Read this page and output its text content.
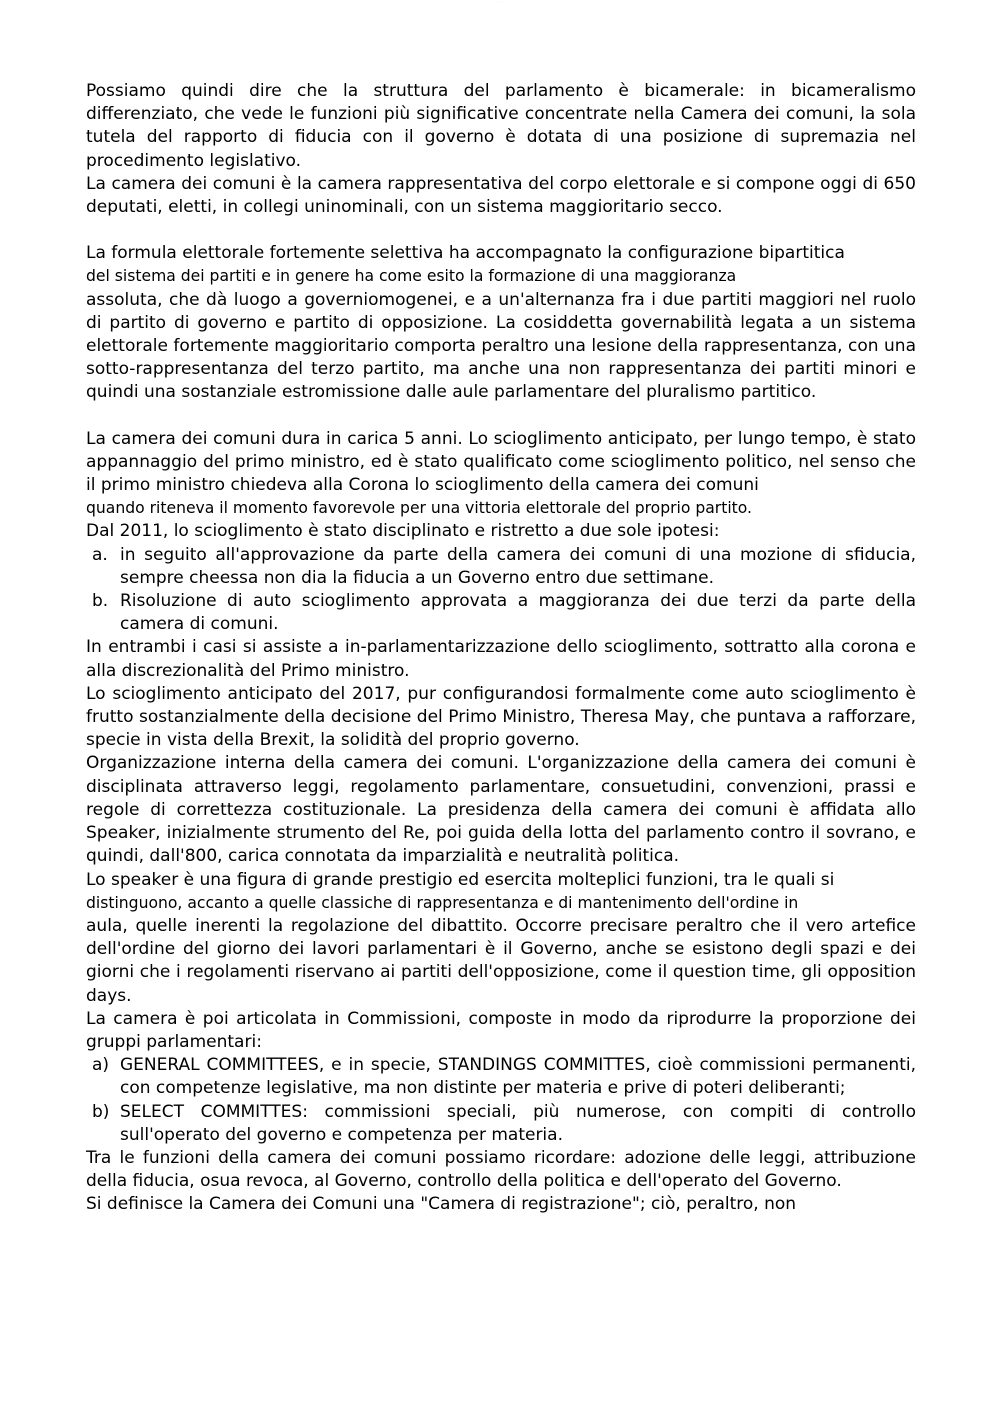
· · · · · ·

Possiamo quindi dire che la struttura del parlamento è bicamerale: in bicameralismo differenziato, che vede le funzioni più significative concentrate nella Camera dei comuni, la sola tutela del rapporto di fiducia con il governo è dotata di una posizione di supremazia nel procedimento legislativo.

La camera dei comuni è la camera rappresentativa del corpo elettorale e si compone oggi di 650 deputati, eletti, in collegi uninominali, con un sistema maggioritario secco.

La formula elettorale fortemente selettiva ha accompagnato la configurazione bipartitica

del sistema dei partiti e in genere ha come esito la formazione di una maggioranza

assoluta, che dà luogo a governiomogenei, e a un'alternanza fra i due partiti maggiori nel ruolo di partito di governo e partito di opposizione. La cosiddetta governabilità legata a un sistema elettorale fortemente maggioritario comporta peraltro una lesione della rappresentanza, con una sotto-rappresentanza del terzo partito, ma anche una non rappresentanza dei partiti minori e quindi una sostanziale estromissione dalle aule parlamentare del pluralismo partitico.

La camera dei comuni dura in carica 5 anni. Lo scioglimento anticipato, per lungo tempo, è stato appannaggio del primo ministro, ed è stato qualificato come scioglimento politico, nel senso che il primo ministro chiedeva alla Corona lo scioglimento della camera dei comuni

quando riteneva il momento favorevole per una vittoria elettorale del proprio partito.

Dal 2011, lo scioglimento è stato disciplinato e ristretto a due sole ipotesi:

a. in seguito all'approvazione da parte della camera dei comuni di una mozione di sfiducia, sempre cheessa non dia la fiducia a un Governo entro due settimane.
b. Risoluzione di auto scioglimento approvata a maggioranza dei due terzi da parte della camera di comuni.

In entrambi i casi si assiste a in-parlamentarizzazione dello scioglimento, sottratto alla corona e alla discrezionalità del Primo ministro.

Lo scioglimento anticipato del 2017, pur configurandosi formalmente come auto scioglimento è frutto sostanzialmente della decisione del Primo Ministro, Theresa May, che puntava a rafforzare, specie in vista della Brexit, la solidità del proprio governo.

Organizzazione interna della camera dei comuni. L'organizzazione della camera dei comuni è disciplinata attraverso leggi, regolamento parlamentare, consuetudini, convenzioni, prassi e regole di correttezza costituzionale. La presidenza della camera dei comuni è affidata allo Speaker, inizialmente strumento del Re, poi guida della lotta del parlamento contro il sovrano, e quindi, dall'800, carica connotata da imparzialità e neutralità politica.

Lo speaker è una figura di grande prestigio ed esercita molteplici funzioni, tra le quali si

distinguono, accanto a quelle classiche di rappresentanza e di mantenimento dell'ordine in

aula, quelle inerenti la regolazione del dibattito. Occorre precisare peraltro che il vero artefice dell'ordine del giorno dei lavori parlamentari è il Governo, anche se esistono degli spazi e dei giorni che i regolamenti riservano ai partiti dell'opposizione, come il question time, gli opposition days.

La camera è poi articolata in Commissioni, composte in modo da riprodurre la proporzione dei gruppi parlamentari:

a) GENERAL COMMITTEES, e in specie, STANDINGS COMMITTES, cioè commissioni permanenti, con competenze legislative, ma non distinte per materia e prive di poteri deliberanti;
b) SELECT COMMITTES: commissioni speciali, più numerose, con compiti di controllo sull'operato del governo e competenza per materia.

Tra le funzioni della camera dei comuni possiamo ricordare: adozione delle leggi, attribuzione della fiducia, osua revoca, al Governo, controllo della politica e dell'operato del Governo.

Si definisce la Camera dei Comuni una "Camera di registrazione"; ciò, peraltro, non
